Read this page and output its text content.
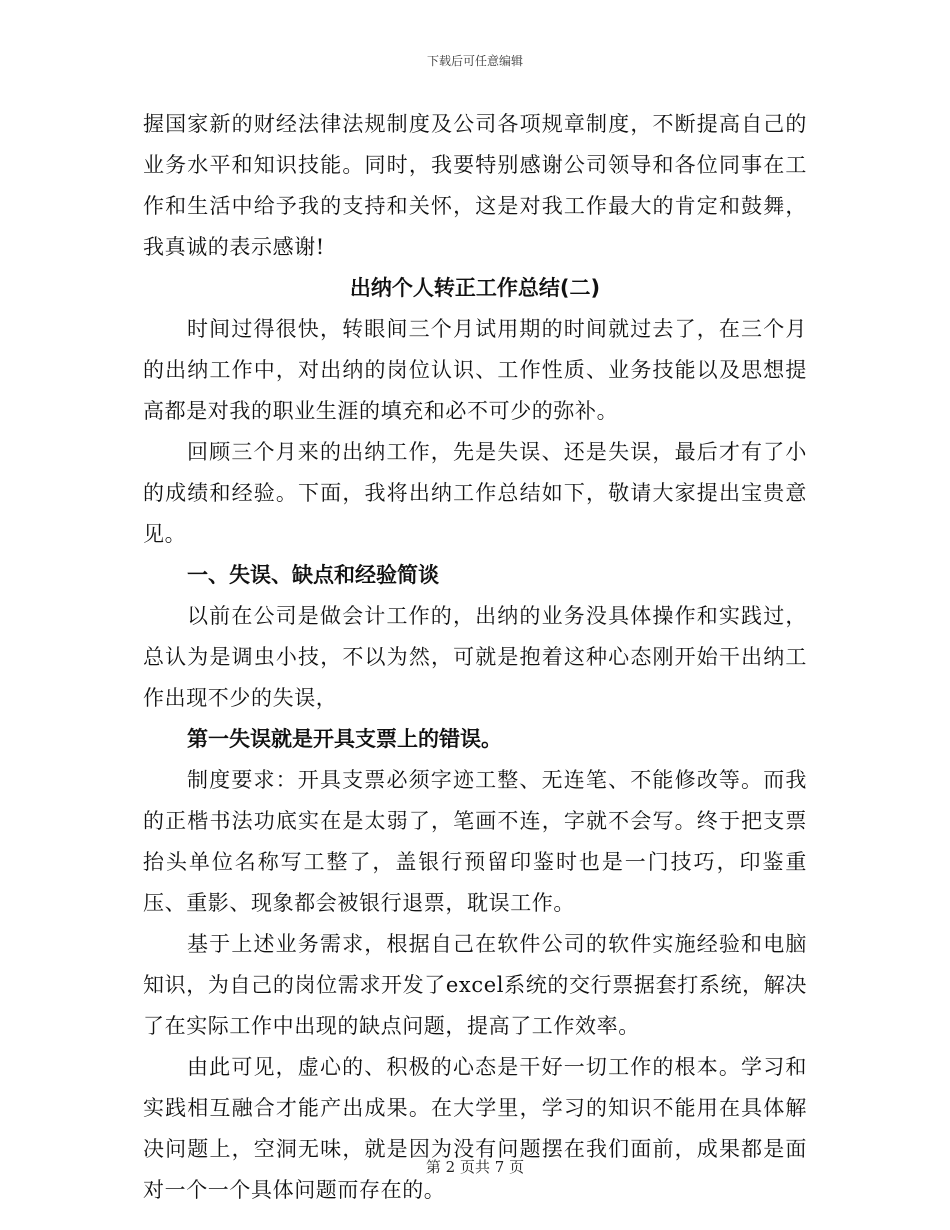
下载后可任意编辑

握国家新的财经法律法规制度及公司各项规章制度，不断提高自己的业务水平和知识技能。同时，我要特别感谢公司领导和各位同事在工作和生活中给予我的支持和关怀，这是对我工作最大的肯定和鼓舞，我真诚的表示感谢!

出纳个人转正工作总结(二)

时间过得很快，转眼间三个月试用期的时间就过去了，在三个月的出纳工作中，对出纳的岗位认识、工作性质、业务技能以及思想提高都是对我的职业生涯的填充和必不可少的弥补。

回顾三个月来的出纳工作，先是失误、还是失误，最后才有了小的成绩和经验。下面，我将出纳工作总结如下，敬请大家提出宝贵意见。

一、失误、缺点和经验简谈

以前在公司是做会计工作的，出纳的业务没具体操作和实践过，总认为是调虫小技，不以为然，可就是抱着这种心态刚开始干出纳工作出现不少的失误，

第一失误就是开具支票上的错误。

制度要求：开具支票必须字迹工整、无连笔、不能修改等。而我的正楷书法功底实在是太弱了，笔画不连，字就不会写。终于把支票抬头单位名称写工整了，盖银行预留印鉴时也是一门技巧，印鉴重压、重影、现象都会被银行退票，耽误工作。

基于上述业务需求，根据自己在软件公司的软件实施经验和电脑知识，为自己的岗位需求开发了excel系统的交行票据套打系统，解决了在实际工作中出现的缺点问题，提高了工作效率。

由此可见，虚心的、积极的心态是干好一切工作的根本。学习和实践相互融合才能产出成果。在大学里，学习的知识不能用在具体解决问题上，空洞无味，就是因为没有问题摆在我们面前，成果都是面对一个一个具体问题而存在的。

第 2 页共 7 页
